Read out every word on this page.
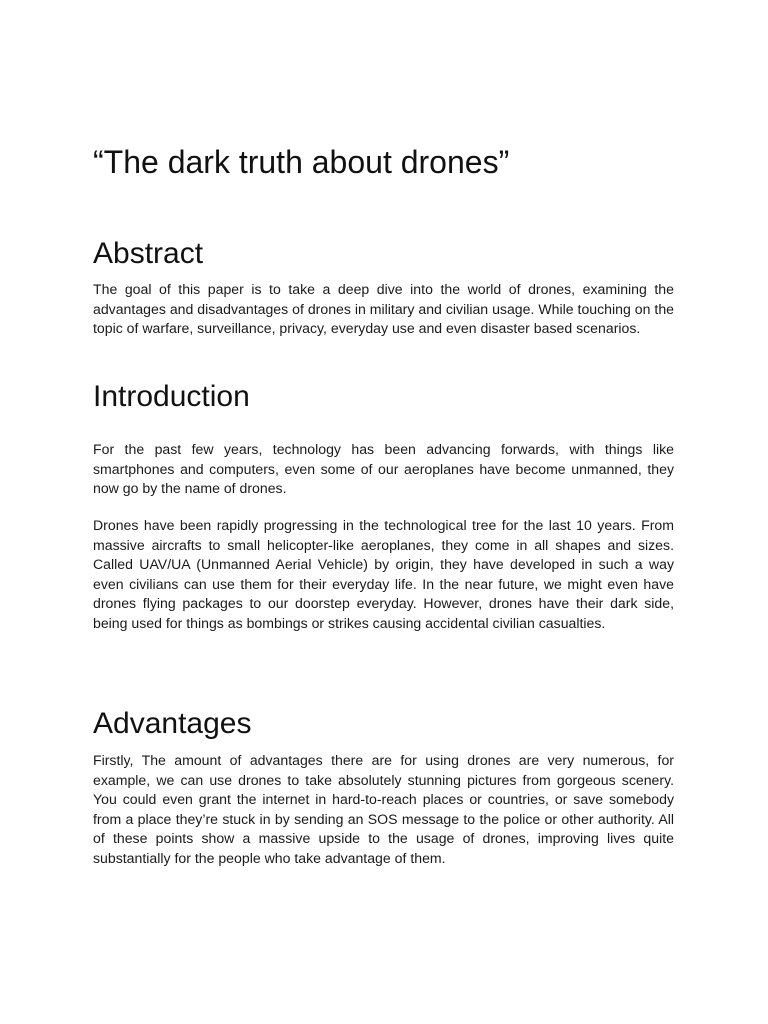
“The dark truth about drones”
Abstract

The goal of this paper is to take a deep dive into the world of drones, examining the advantages and disadvantages of drones in military and civilian usage. While touching on the topic of warfare, surveillance, privacy, everyday use and even disaster based scenarios.

Introduction

For the past few years, technology has been advancing forwards, with things like smartphones and computers, even some of our aeroplanes have become unmanned, they now go by the name of drones.

Drones have been rapidly progressing in the technological tree for the last 10 years. From massive aircrafts to small helicopter-like aeroplanes, they come in all shapes and sizes. Called UAV/UA (Unmanned Aerial Vehicle) by origin, they have developed in such a way even civilians can use them for their everyday life. In the near future, we might even have drones flying packages to our doorstep everyday. However, drones have their dark side, being used for things as bombings or strikes causing accidental civilian casualties.

Advantages

Firstly, The amount of advantages there are for using drones are very numerous, for example, we can use drones to take absolutely stunning pictures from gorgeous scenery. You could even grant the internet in hard-to-reach places or countries, or save somebody from a place they’re stuck in by sending an SOS message to the police or other authority. All of these points show a massive upside to the usage of drones, improving lives quite substantially for the people who take advantage of them.
